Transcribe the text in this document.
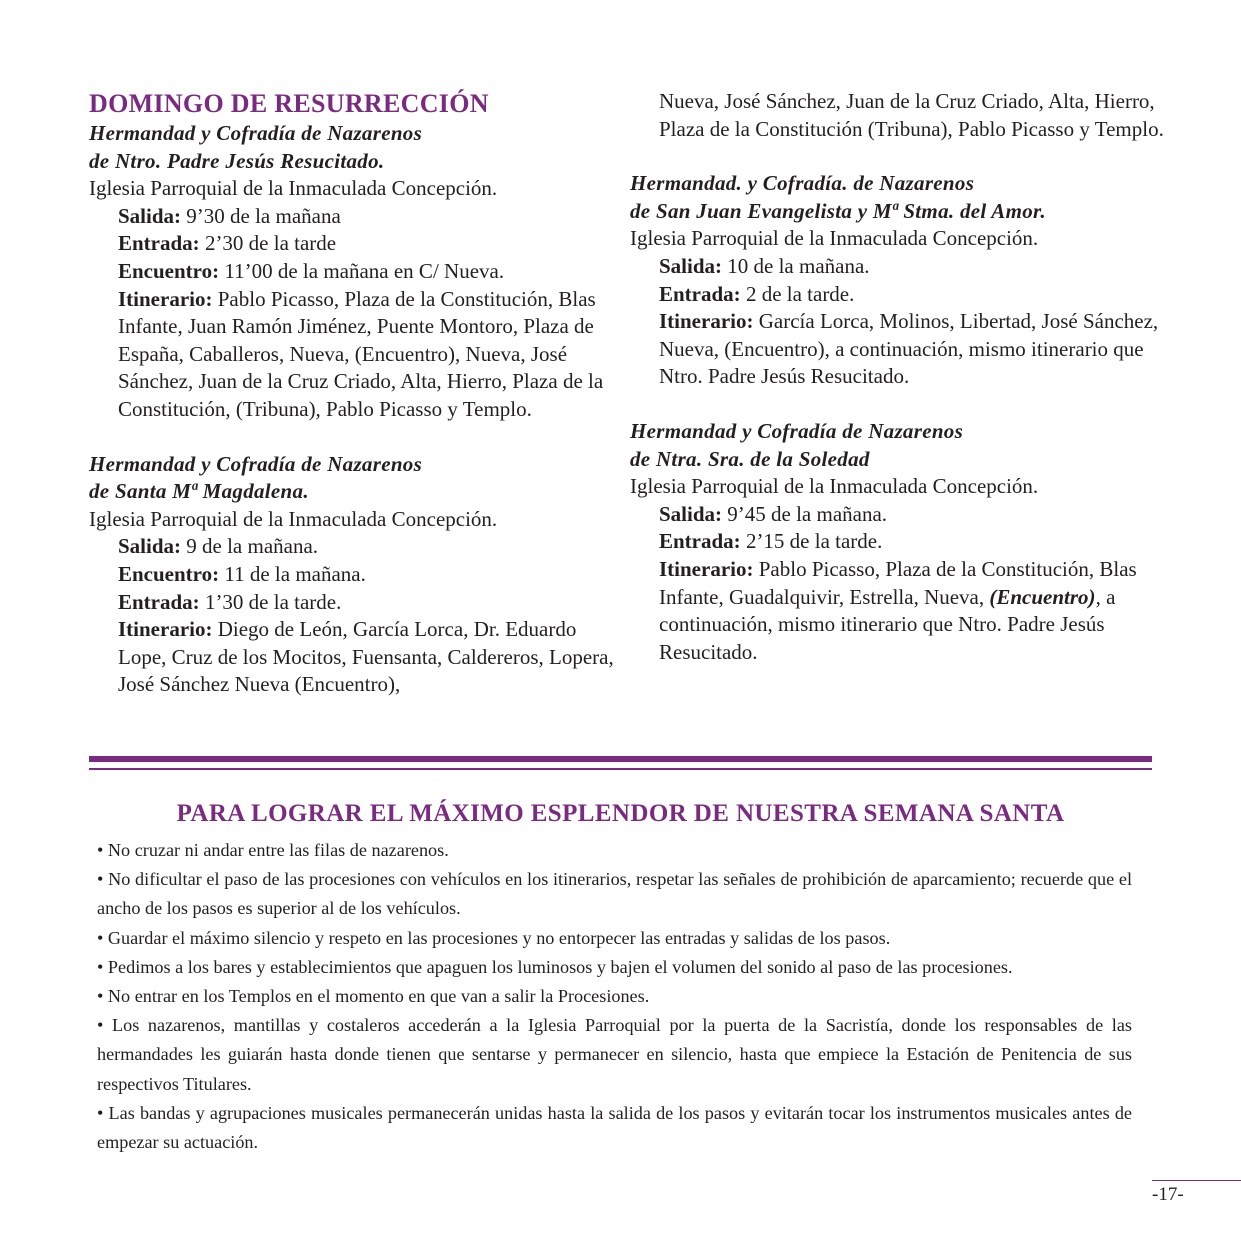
DOMINGO DE RESURRECCIÓN
Hermandad y Cofradía de Nazarenos
de Ntro. Padre Jesús Resucitado.
Iglesia Parroquial de la Inmaculada Concepción.
Salida: 9’30 de la mañana
Entrada: 2’30 de la tarde
Encuentro: 11’00 de la mañana en C/ Nueva.
Itinerario: Pablo Picasso, Plaza de la Constitución, Blas Infante, Juan Ramón Jiménez, Puente Montoro, Plaza de España, Caballeros, Nueva, (Encuentro), Nueva, José Sánchez, Juan de la Cruz Criado, Alta, Hierro, Plaza de la Constitución, (Tribuna), Pablo Picasso y Templo.
Hermandad y Cofradía de Nazarenos
de Santa Mª Magdalena.
Iglesia Parroquial de la Inmaculada Concepción.
Salida: 9 de la mañana.
Encuentro: 11 de la mañana.
Entrada: 1’30 de la tarde.
Itinerario: Diego de León, García Lorca, Dr. Eduardo Lope, Cruz de los Mocitos, Fuensanta, Caldereros, Lopera, José Sánchez Nueva (Encuentro),
Nueva, José Sánchez, Juan de la Cruz Criado, Alta, Hierro, Plaza de la Constitución (Tribuna), Pablo Picasso y Templo.
Hermandad. y Cofradía. de Nazarenos
de San Juan Evangelista y Mª Stma. del Amor.
Iglesia Parroquial de la Inmaculada Concepción.
Salida: 10 de la mañana.
Entrada: 2 de la tarde.
Itinerario: García Lorca, Molinos, Libertad, José Sánchez, Nueva, (Encuentro), a continuación, mismo itinerario que Ntro. Padre Jesús Resucitado.
Hermandad y Cofradía de Nazarenos
de Ntra. Sra. de la Soledad
Iglesia Parroquial de la Inmaculada Concepción.
Salida: 9’45 de la mañana.
Entrada: 2’15 de la tarde.
Itinerario: Pablo Picasso, Plaza de la Constitución, Blas Infante, Guadalquivir, Estrella, Nueva, (Encuentro), a continuación, mismo itinerario que Ntro. Padre Jesús Resucitado.
PARA LOGRAR EL MÁXIMO ESPLENDOR DE NUESTRA SEMANA SANTA

• No cruzar ni andar entre las filas de nazarenos.

• No dificultar el paso de las procesiones con vehículos en los itinerarios, respetar las señales de prohibición de aparcamiento; recuerde que el ancho de los pasos es superior al de los vehículos.

• Guardar el máximo silencio y respeto en las procesiones y no entorpecer las entradas y salidas de los pasos.

• Pedimos a los bares y establecimientos que apaguen los luminosos y bajen el volumen del sonido al paso de las procesiones.

• No entrar en los Templos en el momento en que van a salir la Procesiones.

• Los nazarenos, mantillas y costaleros accederán a la Iglesia Parroquial por la puerta de la Sacristía, donde los responsables de las hermandades les guiarán hasta donde tienen que sentarse y permanecer en silencio, hasta que empiece la Estación de Penitencia de sus respectivos Titulares.

• Las bandas y agrupaciones musicales permanecerán unidas hasta la salida de los pasos y evitarán tocar los instrumentos musicales antes de empezar su actuación.

-17-
